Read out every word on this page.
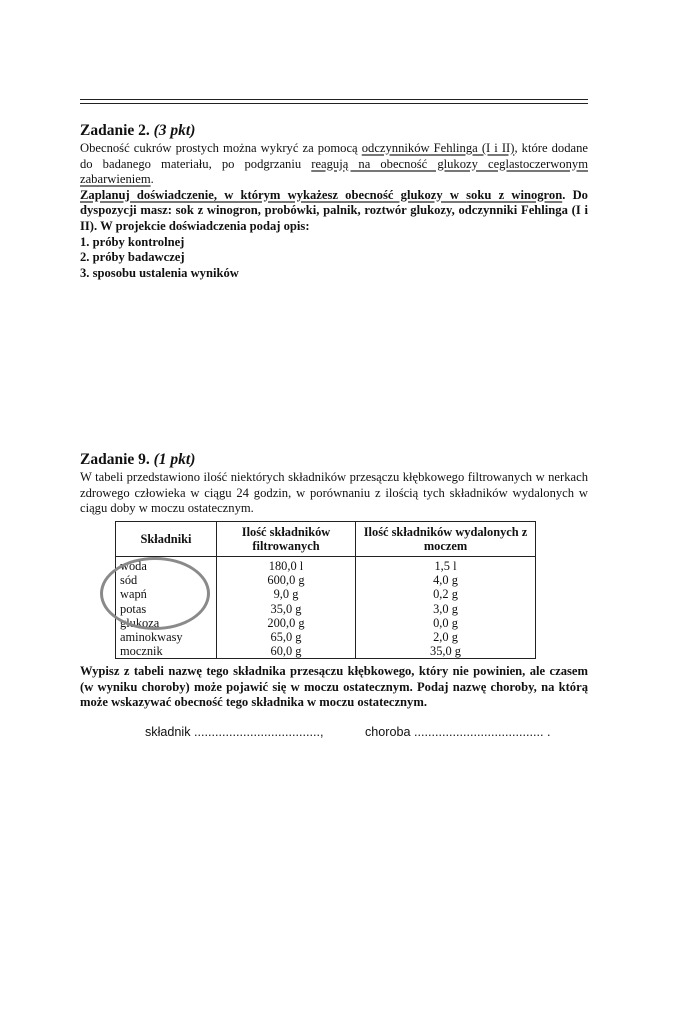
Zadanie 2. (3 pkt)
Obecność cukrów prostych można wykryć za pomocą odczynników Fehlinga (I i II), które dodane do badanego materiału, po podgrzaniu reagują na obecność glukozy ceglastoczerwonym zabarwieniem.
Zaplanuj doświadczenie, w którym wykażesz obecność glukozy w soku z winogron. Do dyspozycji masz: sok z winogron, probówki, palnik, roztwór glukozy, odczynniki Fehlinga (I i II). W projekcie doświadczenia podaj opis:
1. próby kontrolnej
2. próby badawczej
3. sposobu ustalenia wyników
Zadanie 9. (1 pkt)
W tabeli przedstawiono ilość niektórych składników przesączu kłębkowego filtrowanych w nerkach zdrowego człowieka w ciągu 24 godzin, w porównaniu z ilością tych składników wydalonych w ciągu doby w moczu ostatecznym.
Składniki	Ilość składników filtrowanych	Ilość składników wydalonych z moczem
woda	180,0 l	1,5 l
sód	600,0 g	4,0 g
wapń	9,0 g	0,2 g
potas	35,0 g	3,0 g
glukoza	200,0 g	0,0 g
aminokwasy	65,0 g	2,0 g
mocznik	60,0 g	35,0 g
Wypisz z tabeli nazwę tego składnika przesączu kłębkowego, który nie powinien, ale czasem (w wyniku choroby) może pojawić się w moczu ostatecznym. Podaj nazwę choroby, na którą może wskazywać obecność tego składnika w moczu ostatecznym.
składnik ....................................,	choroba ..................................... .
